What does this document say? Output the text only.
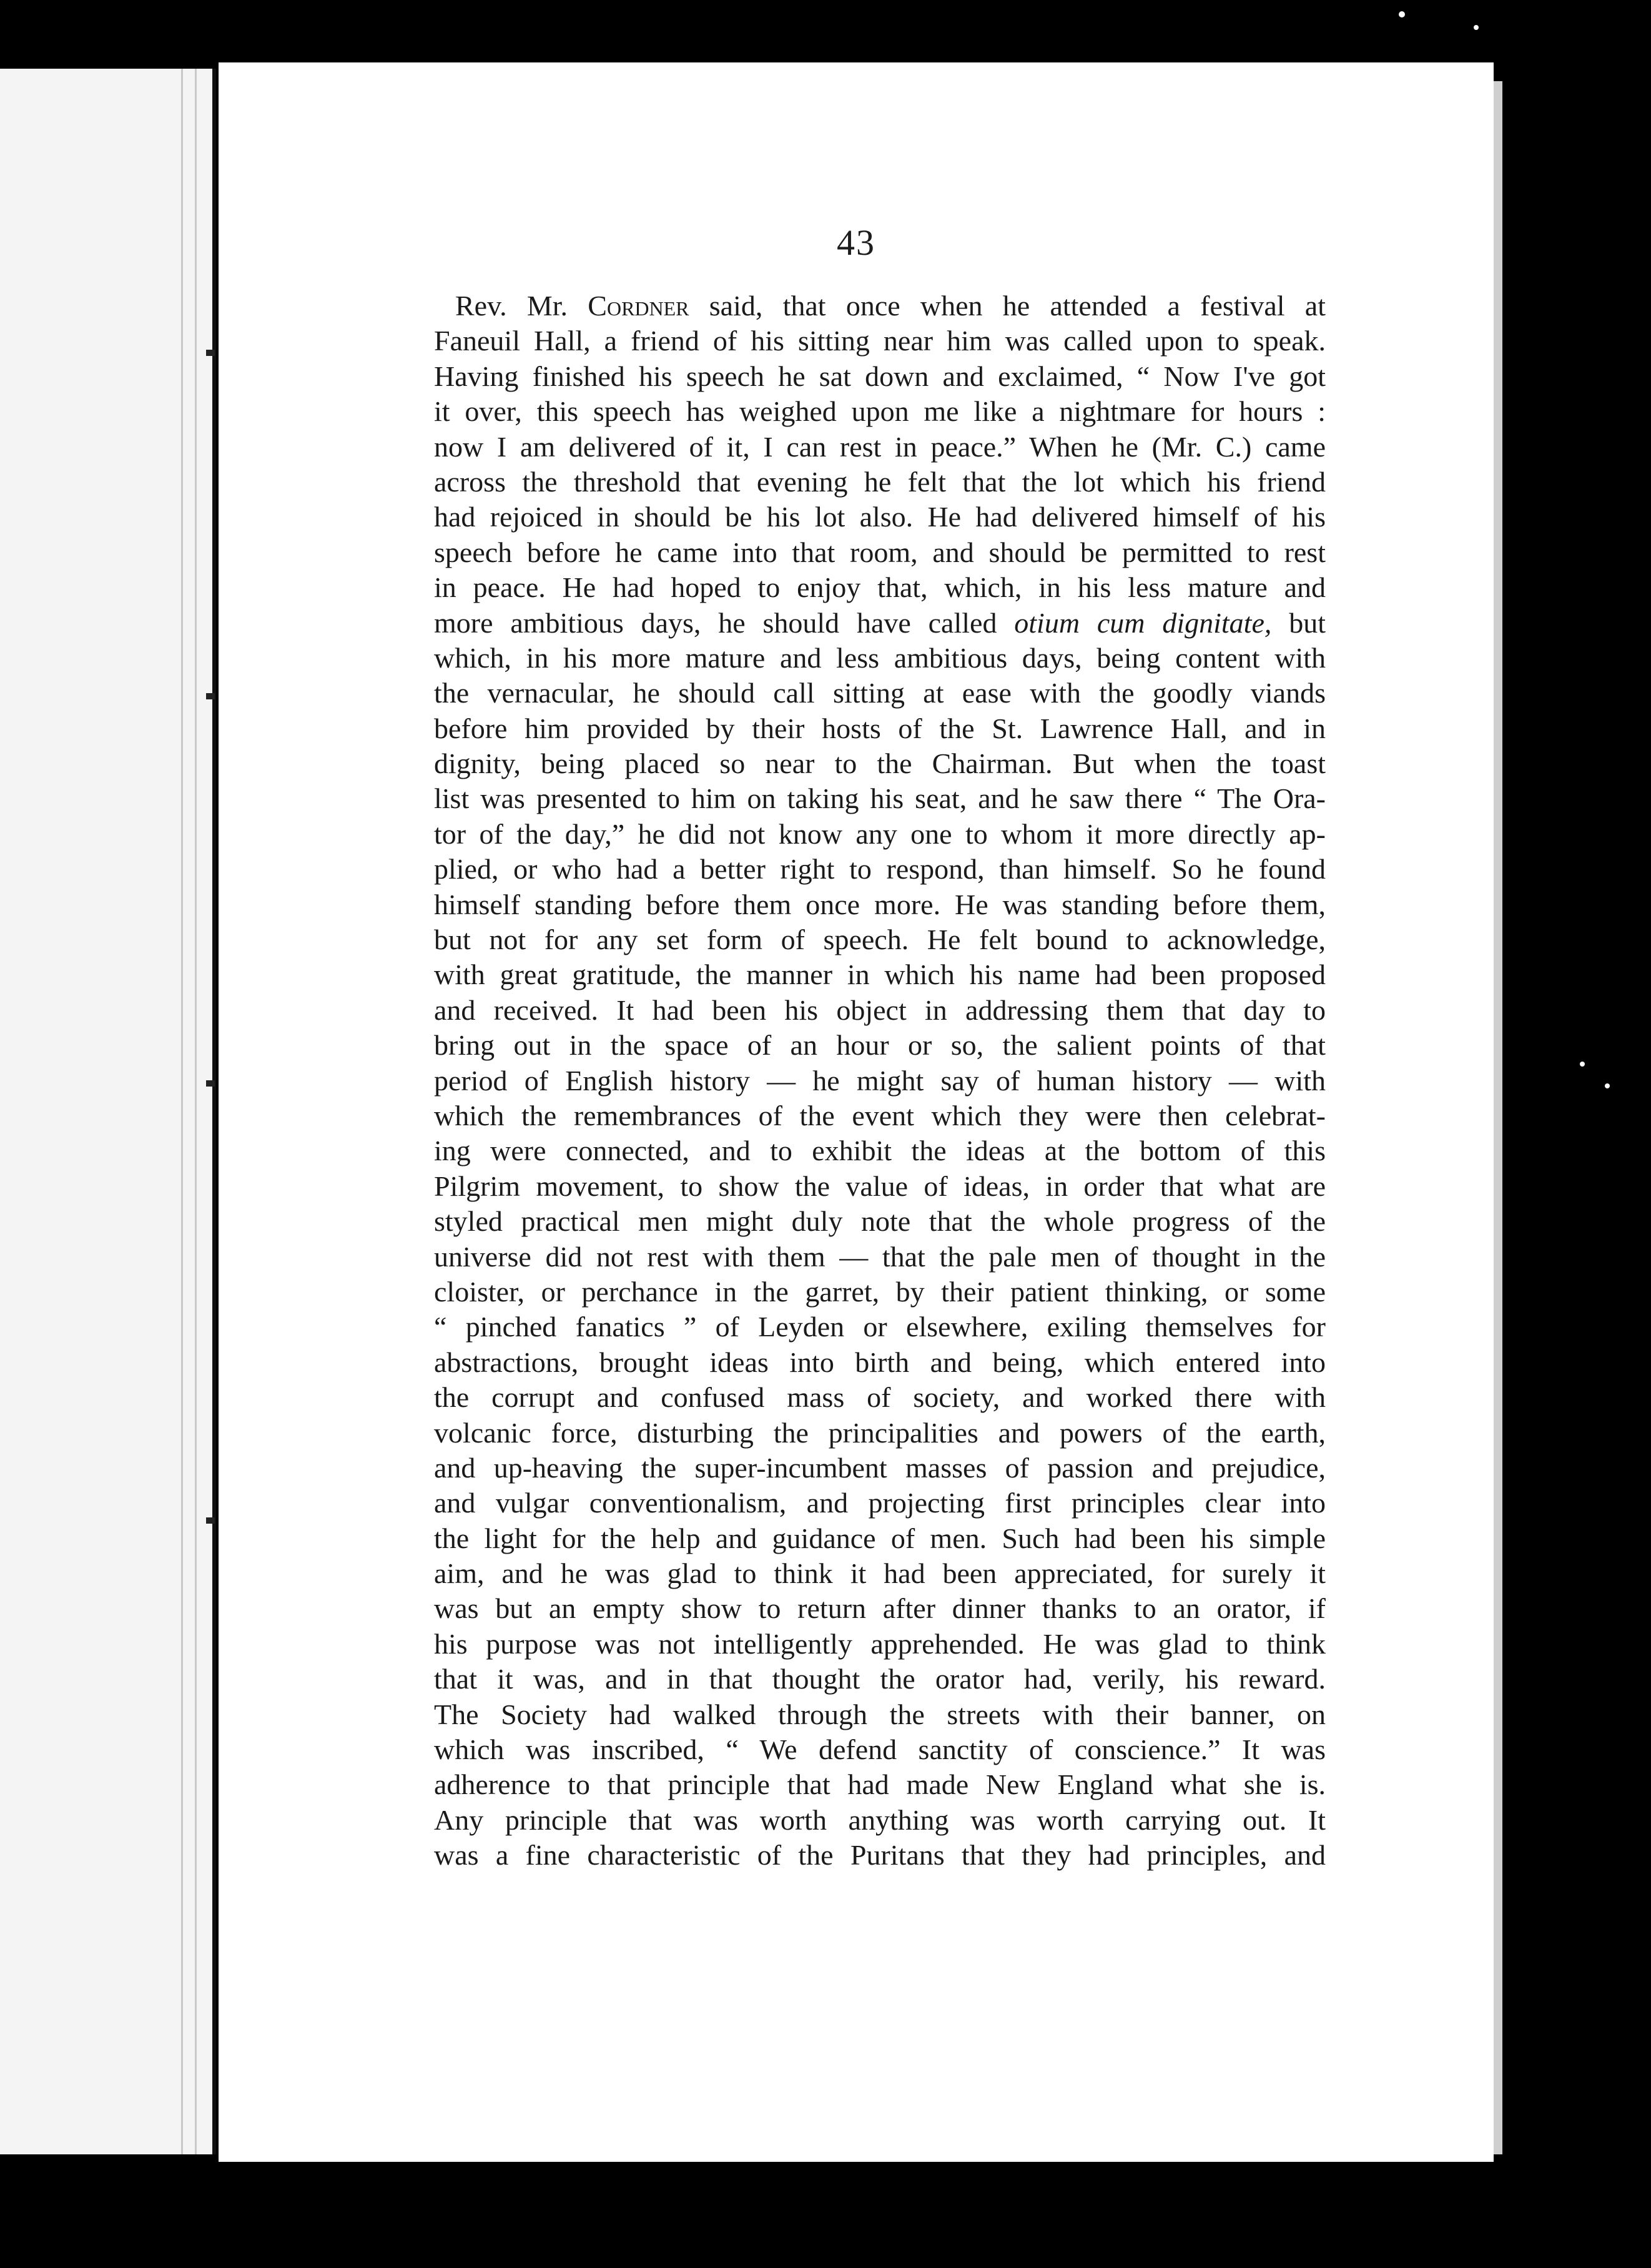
43
Rev. Mr. Cordner said, that once when he attended a festival at
Faneuil Hall, a friend of his sitting near him was called upon to speak.
Having finished his speech he sat down and exclaimed, “ Now I've got
it over, this speech has weighed upon me like a nightmare for hours :
now I am delivered of it, I can rest in peace.” When he (Mr. C.) came
across the threshold that evening he felt that the lot which his friend
had rejoiced in should be his lot also. He had delivered himself of his
speech before he came into that room, and should be permitted to rest
in peace. He had hoped to enjoy that, which, in his less mature and
more ambitious days, he should have called otium cum dignitate, but
which, in his more mature and less ambitious days, being content with
the vernacular, he should call sitting at ease with the goodly viands
before him provided by their hosts of the St. Lawrence Hall, and in
dignity, being placed so near to the Chairman. But when the toast
list was presented to him on taking his seat, and he saw there “ The Ora-
tor of the day,” he did not know any one to whom it more directly ap-
plied, or who had a better right to respond, than himself. So he found
himself standing before them once more. He was standing before them,
but not for any set form of speech. He felt bound to acknowledge,
with great gratitude, the manner in which his name had been proposed
and received. It had been his object in addressing them that day to
bring out in the space of an hour or so, the salient points of that
period of English history — he might say of human history — with
which the remembrances of the event which they were then celebrat-
ing were connected, and to exhibit the ideas at the bottom of this
Pilgrim movement, to show the value of ideas, in order that what are
styled practical men might duly note that the whole progress of the
universe did not rest with them — that the pale men of thought in the
cloister, or perchance in the garret, by their patient thinking, or some
“ pinched fanatics ” of Leyden or elsewhere, exiling themselves for
abstractions, brought ideas into birth and being, which entered into
the corrupt and confused mass of society, and worked there with
volcanic force, disturbing the principalities and powers of the earth,
and up-heaving the super-incumbent masses of passion and prejudice,
and vulgar conventionalism, and projecting first principles clear into
the light for the help and guidance of men. Such had been his simple
aim, and he was glad to think it had been appreciated, for surely it
was but an empty show to return after dinner thanks to an orator, if
his purpose was not intelligently apprehended. He was glad to think
that it was, and in that thought the orator had, verily, his reward.
The Society had walked through the streets with their banner, on
which was inscribed, “ We defend sanctity of conscience.” It was
adherence to that principle that had made New England what she is.
Any principle that was worth anything was worth carrying out. It
was a fine characteristic of the Puritans that they had principles, and
